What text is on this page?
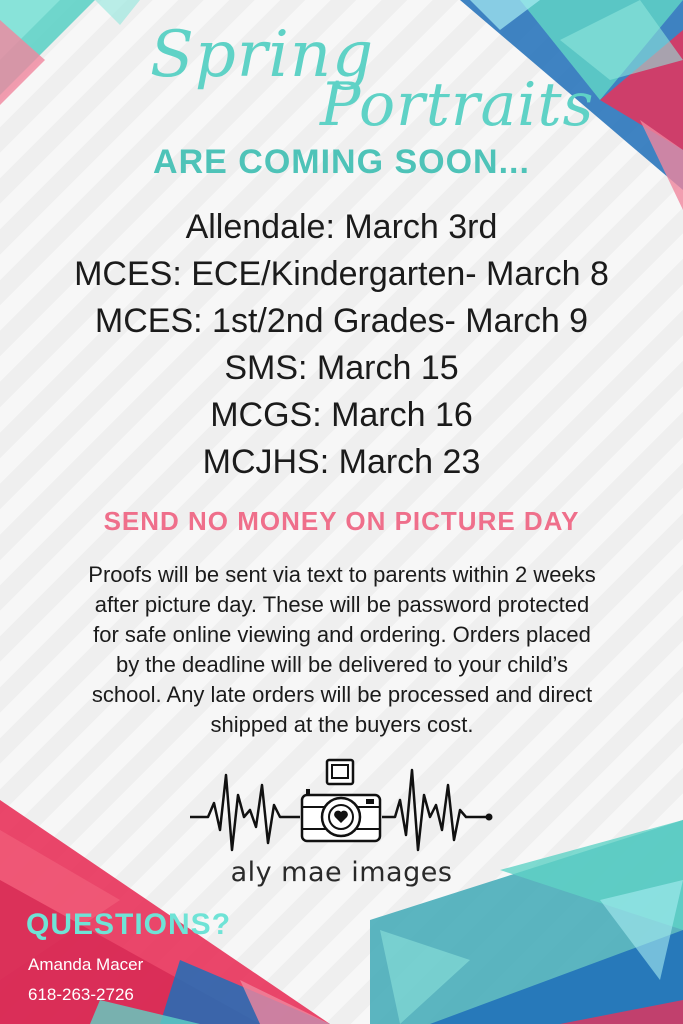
Spring
Portraits
ARE COMING SOON...
Allendale: March 3rd
MCES: ECE/Kindergarten- March 8
MCES: 1st/2nd Grades- March 9
SMS: March 15
MCGS: March 16
MCJHS: March 23
SEND NO MONEY ON PICTURE DAY
Proofs will be sent via text to parents within 2 weeks
after picture day. These will be password protected
for safe online viewing and ordering. Orders placed
by the deadline will be delivered to your child’s
school. Any late orders will be processed and direct
shipped at the buyers cost.
aly mae images
QUESTIONS?
Amanda Macer
618-263-2726
